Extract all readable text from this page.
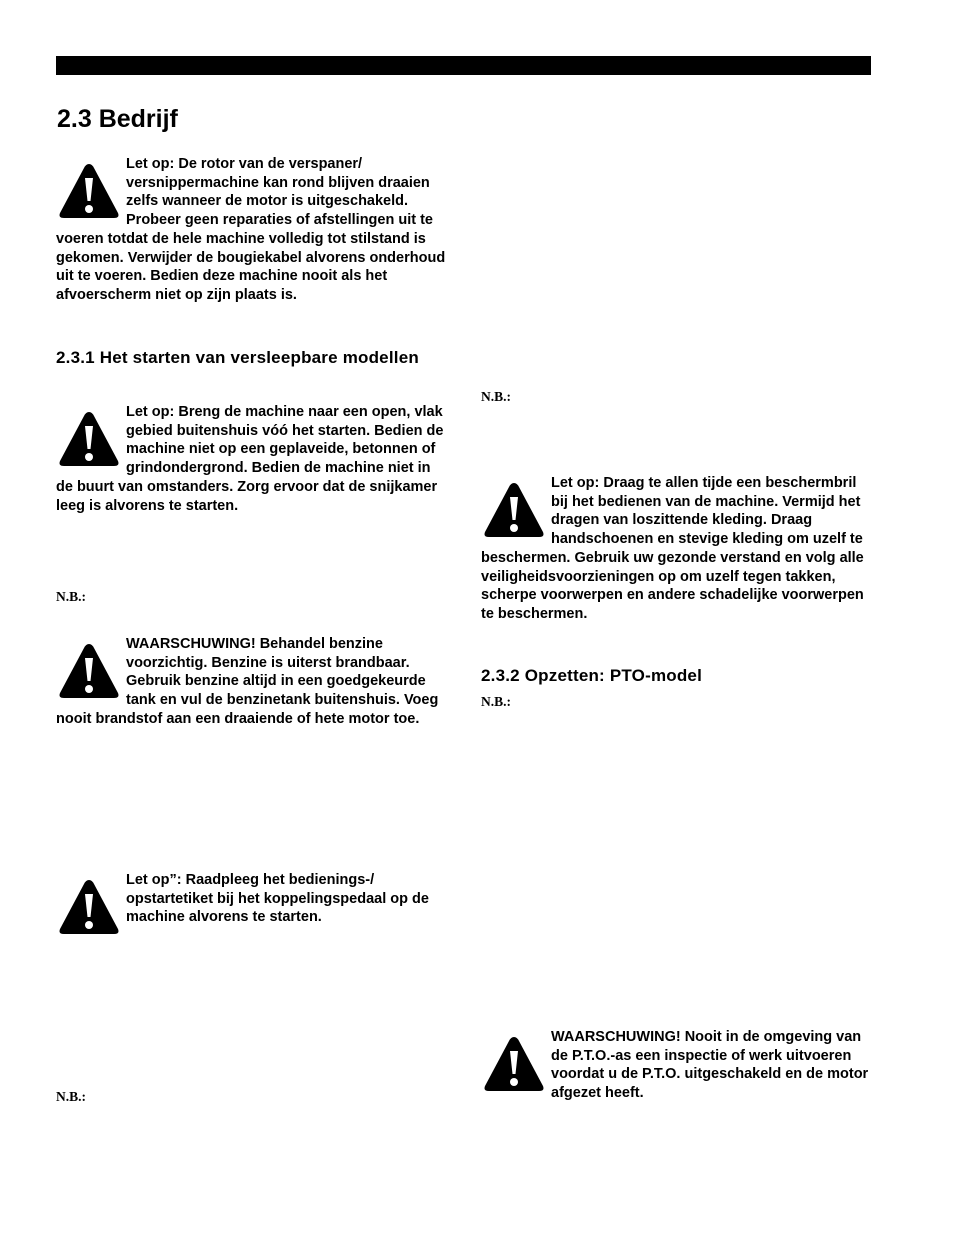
2.3 Bedrijf
Let op: De rotor van de verspaner/ versnippermachine kan rond blijven draaien zelfs wanneer de motor is uitgeschakeld. Probeer geen reparaties of afstellingen uit te voeren totdat de hele machine volledig tot stilstand is gekomen. Verwijder de bougiekabel alvorens onderhoud uit te voeren. Bedien deze machine nooit als het afvoerscherm niet op zijn plaats is.
2.3.1 Het starten van versleepbare modellen
Let op: Breng de machine naar een open, vlak gebied buitenshuis vóó het starten. Bedien de machine niet op een geplaveide, betonnen of grindondergrond. Bedien de machine niet in de buurt van omstanders. Zorg ervoor dat de snijkamer leeg is alvorens te starten.
N.B.:
WAARSCHUWING! Behandel benzine voorzichtig. Benzine is uiterst brandbaar. Gebruik benzine altijd in een goedgekeurde tank en vul de benzinetank buitenshuis. Voeg nooit brandstof aan een draaiende of hete motor toe.
Let op”: Raadpleeg het bedienings-/ opstartetiket bij het koppelingspedaal op de machine alvorens te starten.
N.B.:
N.B.:
Let op: Draag te allen tijde een beschermbril bij het bedienen van de machine. Vermijd het dragen van loszittende kleding. Draag handschoenen en stevige kleding om uzelf te beschermen. Gebruik uw gezonde verstand en volg alle veiligheidsvoorzieningen op om uzelf tegen takken, scherpe voorwerpen en andere schadelijke voorwerpen te beschermen.
2.3.2 Opzetten: PTO-model
N.B.:
WAARSCHUWING! Nooit in de omgeving van de P.T.O.-as een inspectie of werk uitvoeren voordat u de P.T.O. uitgeschakeld en de motor afgezet heeft.
